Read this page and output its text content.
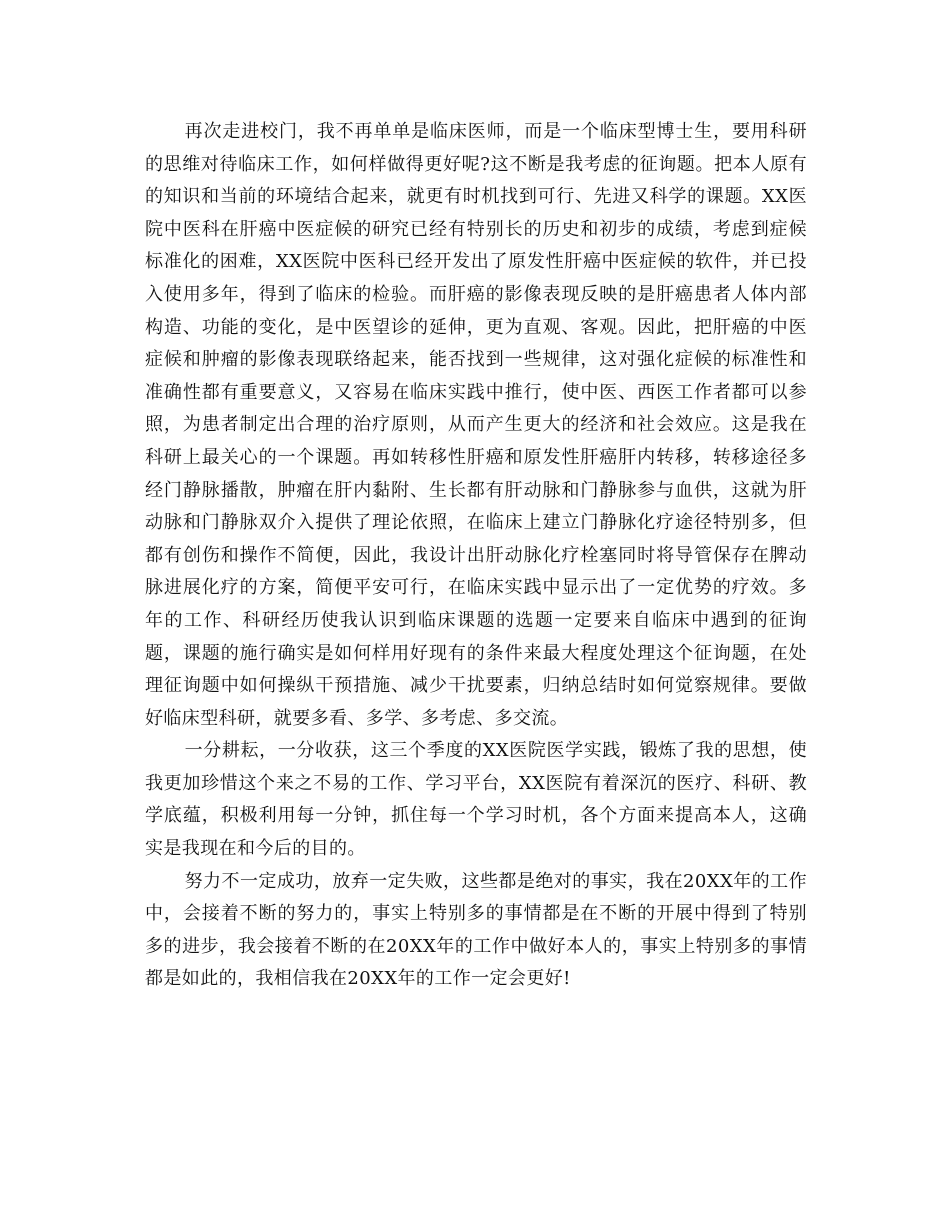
再次走进校门，我不再单单是临床医师，而是一个临床型博士生，要用科研的思维对待临床工作，如何样做得更好呢?这不断是我考虑的征询题。把本人原有的知识和当前的环境结合起来，就更有时机找到可行、先进又科学的课题。XX医院中医科在肝癌中医症候的研究已经有特别长的历史和初步的成绩，考虑到症候标准化的困难，XX医院中医科已经开发出了原发性肝癌中医症候的软件，并已投入使用多年，得到了临床的检验。而肝癌的影像表现反映的是肝癌患者人体内部构造、功能的变化，是中医望诊的延伸，更为直观、客观。因此，把肝癌的中医症候和肿瘤的影像表现联络起来，能否找到一些规律，这对强化症候的标准性和准确性都有重要意义，又容易在临床实践中推行，使中医、西医工作者都可以参照，为患者制定出合理的治疗原则，从而产生更大的经济和社会效应。这是我在科研上最关心的一个课题。再如转移性肝癌和原发性肝癌肝内转移，转移途径多经门静脉播散，肿瘤在肝内黏附、生长都有肝动脉和门静脉参与血供，这就为肝动脉和门静脉双介入提供了理论依照，在临床上建立门静脉化疗途径特别多，但都有创伤和操作不简便，因此，我设计出肝动脉化疗栓塞同时将导管保存在脾动脉进展化疗的方案，简便平安可行，在临床实践中显示出了一定优势的疗效。多年的工作、科研经历使我认识到临床课题的选题一定要来自临床中遇到的征询题，课题的施行确实是如何样用好现有的条件来最大程度处理这个征询题，在处理征询题中如何操纵干预措施、减少干扰要素，归纳总结时如何觉察规律。要做好临床型科研，就要多看、多学、多考虑、多交流。

一分耕耘，一分收获，这三个季度的XX医院医学实践，锻炼了我的思想，使我更加珍惜这个来之不易的工作、学习平台，XX医院有着深沉的医疗、科研、教学底蕴，积极利用每一分钟，抓住每一个学习时机，各个方面来提高本人，这确实是我现在和今后的目的。

努力不一定成功，放弃一定失败，这些都是绝对的事实，我在20XX年的工作中，会接着不断的努力的，事实上特别多的事情都是在不断的开展中得到了特别多的进步，我会接着不断的在20XX年的工作中做好本人的，事实上特别多的事情都是如此的，我相信我在20XX年的工作一定会更好!
